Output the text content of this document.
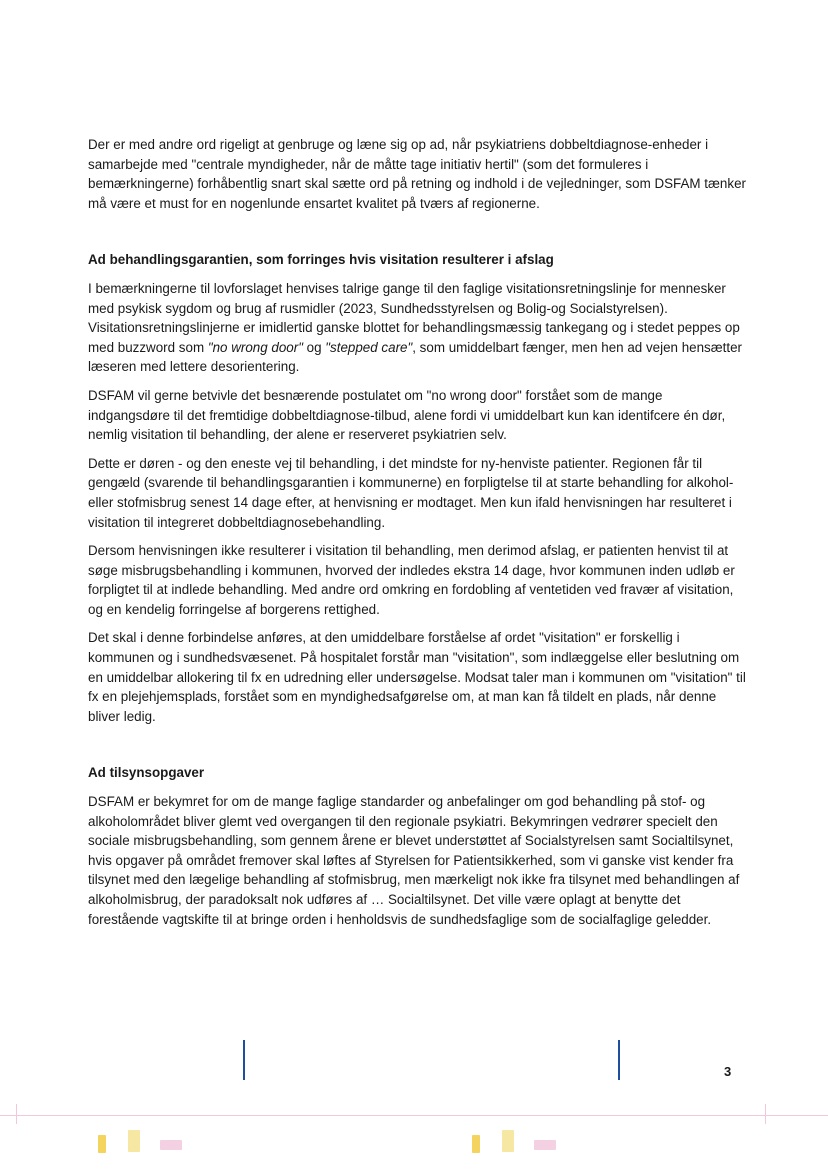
Der er med andre ord rigeligt at genbruge og læne sig op ad, når psykiatriens dobbeltdiagnose-enheder i samarbejde med "centrale myndigheder, når de måtte tage initiativ hertil" (som det formuleres i bemærkningerne) forhåbentlig snart skal sætte ord på retning og indhold i de vejledninger, som DSFAM tænker må være et must for en nogenlunde ensartet kvalitet på tværs af regionerne.

Ad behandlingsgarantien, som forringes hvis visitation resulterer i afslag

I bemærkningerne til lovforslaget henvises talrige gange til den faglige visitationsretningslinje for mennesker med psykisk sygdom og brug af rusmidler (2023, Sundhedsstyrelsen og Bolig-og Socialstyrelsen). Visitationsretningslinjerne er imidlertid ganske blottet for behandlingsmæssig tankegang og i stedet peppes op med buzzword som "no wrong door" og "stepped care", som umiddelbart fænger, men hen ad vejen hensætter læseren med lettere desorientering.

DSFAM vil gerne betvivle det besnærende postulatet om "no wrong door" forstået som de mange indgangsdøre til det fremtidige dobbeltdiagnose-tilbud, alene fordi vi umiddelbart kun kan identifcere én dør, nemlig visitation til behandling, der alene er reserveret psykiatrien selv.

Dette er døren - og den eneste vej til behandling, i det mindste for ny-henviste patienter. Regionen får til gengæld (svarende til behandlingsgarantien i kommunerne) en forpligtelse til at starte behandling for alkohol- eller stofmisbrug senest 14 dage efter, at henvisning er modtaget. Men kun ifald henvisningen har resulteret i visitation til integreret dobbeltdiagnosebehandling.

Dersom henvisningen ikke resulterer i visitation til behandling, men derimod afslag, er patienten henvist til at søge misbrugsbehandling i kommunen, hvorved der indledes ekstra 14 dage, hvor kommunen inden udløb er forpligtet til at indlede behandling. Med andre ord omkring en fordobling af ventetiden ved fravær af visitation, og en kendelig forringelse af borgerens rettighed.

Det skal i denne forbindelse anføres, at den umiddelbare forståelse af ordet "visitation" er forskellig i kommunen og i sundhedsvæsenet. På hospitalet forstår man "visitation", som indlæggelse eller beslutning om en umiddelbar allokering til fx en udredning eller undersøgelse. Modsat taler man i kommunen om "visitation" til fx en plejehjemsplads, forstået som en myndighedsafgørelse om, at man kan få tildelt en plads, når denne bliver ledig.

Ad tilsynsopgaver

DSFAM er bekymret for om de mange faglige standarder og anbefalinger om god behandling på stof- og alkoholområdet bliver glemt ved overgangen til den regionale psykiatri. Bekymringen vedrører specielt den sociale misbrugsbehandling, som gennem årene er blevet understøttet af Socialstyrelsen samt Socialtilsynet, hvis opgaver på området fremover skal løftes af Styrelsen for Patientsikkerhed, som vi ganske vist kender fra tilsynet med den lægelige behandling af stofmisbrug, men mærkeligt nok ikke fra tilsynet med behandlingen af alkoholmisbrug, der paradoksalt nok udføres af … Socialtilsynet. Det ville være oplagt at benytte det forestående vagtskifte til at bringe orden i henholdsvis de sundhedsfaglige som de socialfaglige geledder.

3
